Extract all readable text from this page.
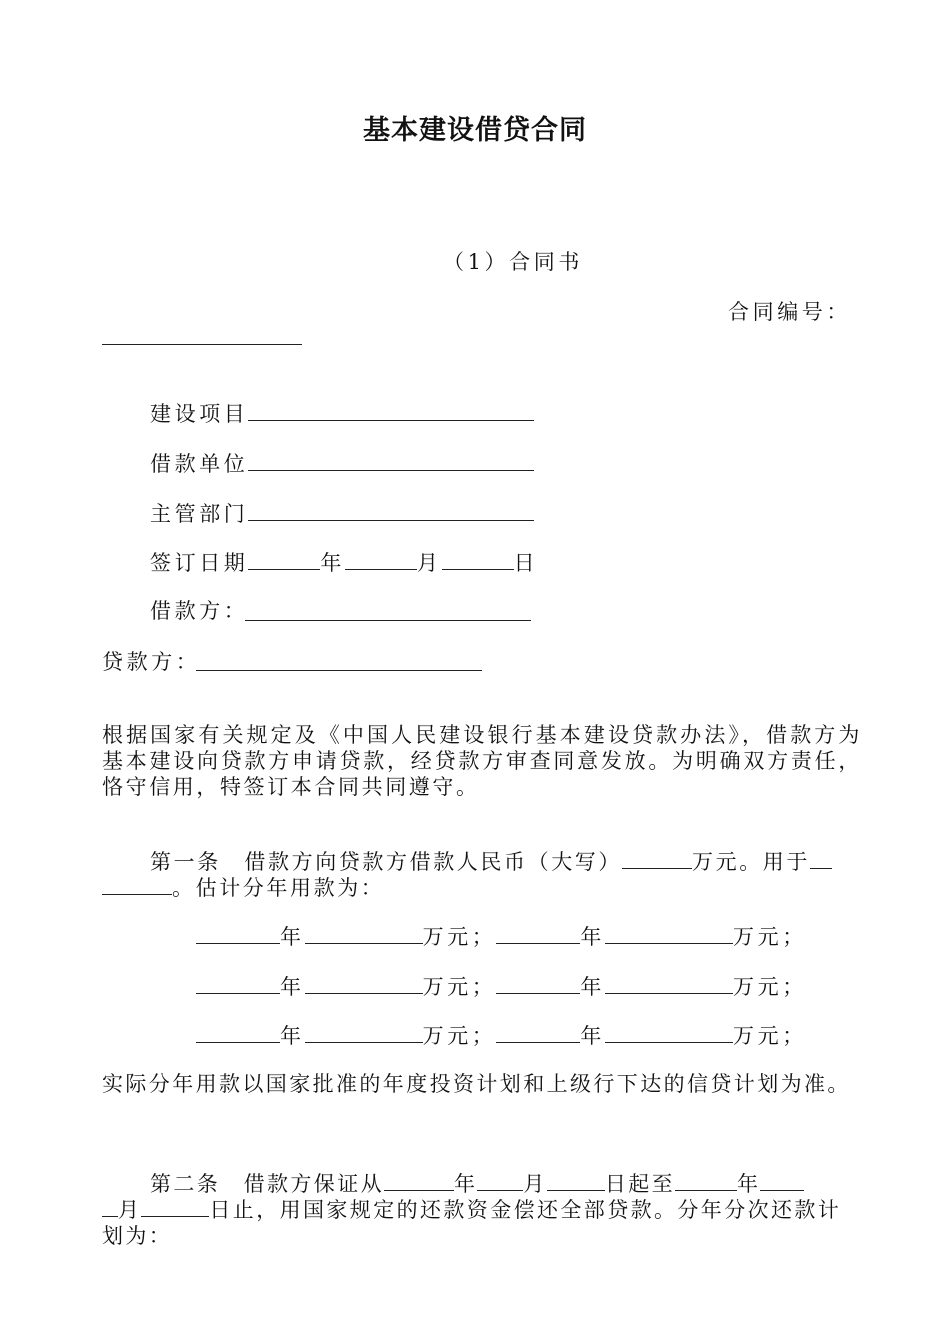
基本建设借贷合同
（1）合同书
合同编号：
建设项目
借款单位
主管部门
签订日期	年	月	日
借款方：
贷款方：
根据国家有关规定及《中国人民建设银行基本建设贷款办法》，借款方为基本建设向贷款方申请贷款，经贷款方审查同意发放。为明确双方责任，恪守信用，特签订本合同共同遵守。
第一条　借款方向贷款方借款人民币（大写）	万元。用于
。估计分年用款为：
年	万元；	年	万元；
年	万元；	年	万元；
年	万元；	年	万元；
实际分年用款以国家批准的年度投资计划和上级行下达的信贷计划为准。
第二条　借款方保证从	年 月	日起至	年
月	日止，用国家规定的还款资金偿还全部贷款。分年分次还款计划为：
